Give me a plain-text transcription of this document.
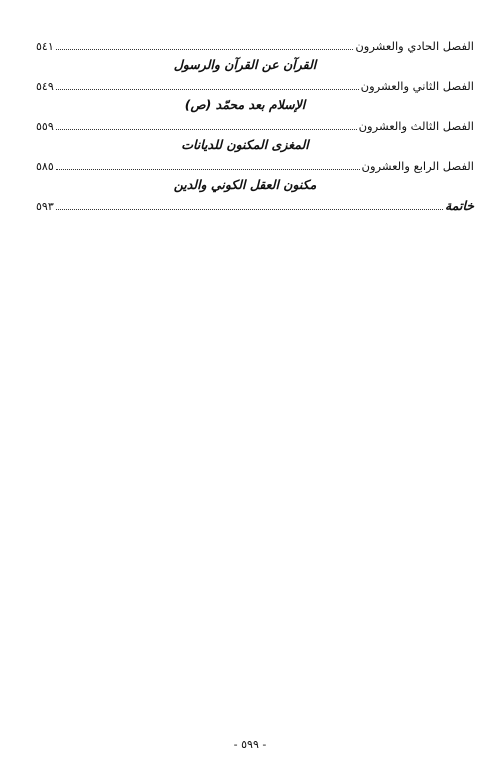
الفصل الحادي والعشرون
٥٤١
القرآن عن القرآن والرسول
الفصل الثاني والعشرون
٥٤٩
الإسلام بعد محمّد (ص)
الفصل الثالث والعشرون
٥٥٩
المغزى المكنون للديانات
الفصل الرابع والعشرون
٥٨٥
مكنون العقل الكوني والدين
خاتمة
٥٩٣
- ٥٩٩ -
